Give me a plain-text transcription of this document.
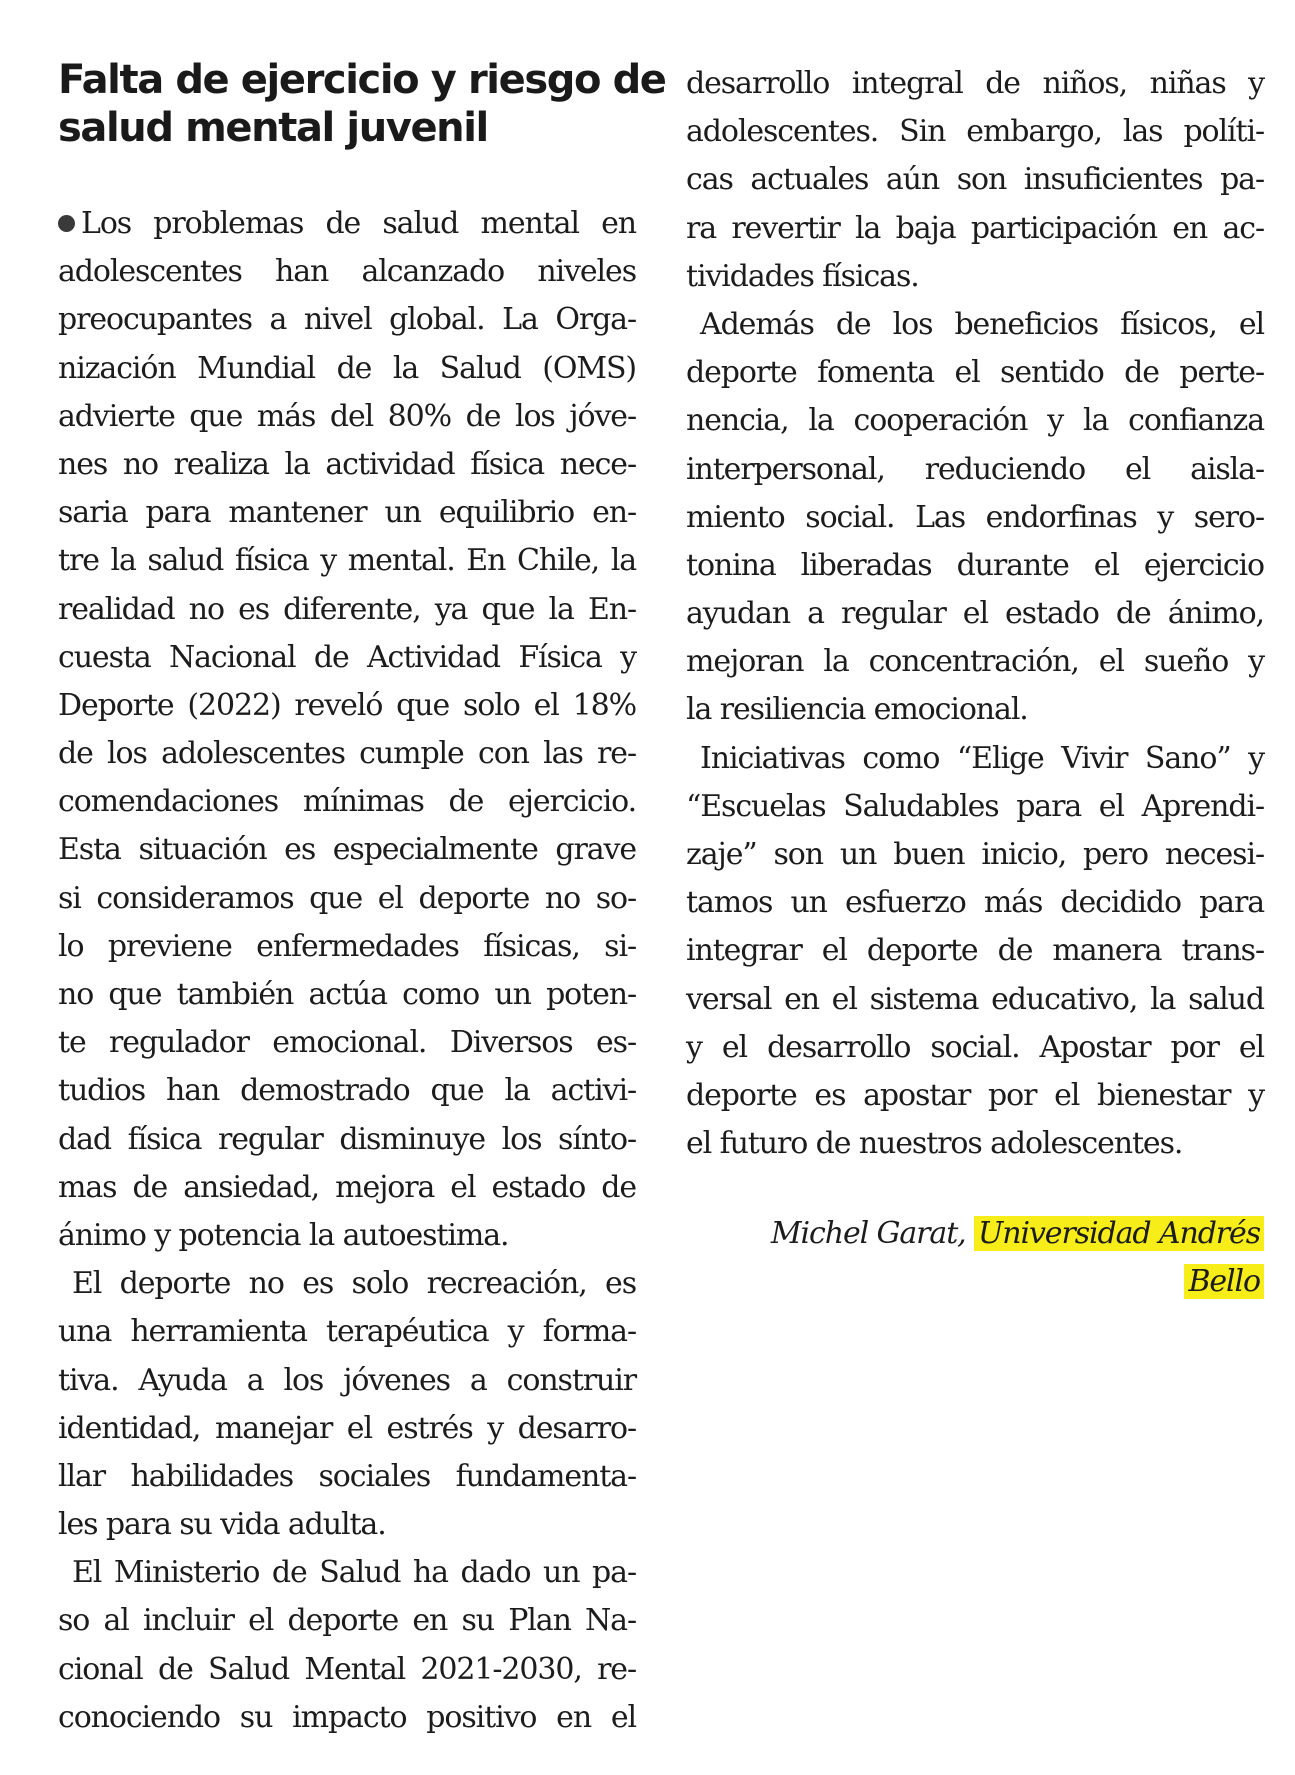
Falta de ejercicio y riesgo de
salud mental juvenil
Los problemas de salud mental en
adolescentes han alcanzado niveles
preocupantes a nivel global. La Orga-
nización Mundial de la Salud (OMS)
advierte que más del 80% de los jóve-
nes no realiza la actividad física nece-
saria para mantener un equilibrio en-
tre la salud física y mental. En Chile, la
realidad no es diferente, ya que la En-
cuesta Nacional de Actividad Física y
Deporte (2022) reveló que solo el 18%
de los adolescentes cumple con las re-
comendaciones mínimas de ejercicio.
Esta situación es especialmente grave
si consideramos que el deporte no so-
lo previene enfermedades físicas, si-
no que también actúa como un poten-
te regulador emocional. Diversos es-
tudios han demostrado que la activi-
dad física regular disminuye los sínto-
mas de ansiedad, mejora el estado de
ánimo y potencia la autoestima.
El deporte no es solo recreación, es
una herramienta terapéutica y forma-
tiva. Ayuda a los jóvenes a construir
identidad, manejar el estrés y desarro-
llar habilidades sociales fundamenta-
les para su vida adulta.
El Ministerio de Salud ha dado un pa-
so al incluir el deporte en su Plan Na-
cional de Salud Mental 2021-2030, re-
conociendo su impacto positivo en el
desarrollo integral de niños, niñas y
adolescentes. Sin embargo, las políti-
cas actuales aún son insuficientes pa-
ra revertir la baja participación en ac-
tividades físicas.
Además de los beneficios físicos, el
deporte fomenta el sentido de perte-
nencia, la cooperación y la confianza
interpersonal, reduciendo el aisla-
miento social. Las endorfinas y sero-
tonina liberadas durante el ejercicio
ayudan a regular el estado de ánimo,
mejoran la concentración, el sueño y
la resiliencia emocional.
Iniciativas como “Elige Vivir Sano” y
“Escuelas Saludables para el Aprendi-
zaje” son un buen inicio, pero necesi-
tamos un esfuerzo más decidido para
integrar el deporte de manera trans-
versal en el sistema educativo, la salud
y el desarrollo social. Apostar por el
deporte es apostar por el bienestar y
el futuro de nuestros adolescentes.
Michel Garat, Universidad Andrés
Bello
